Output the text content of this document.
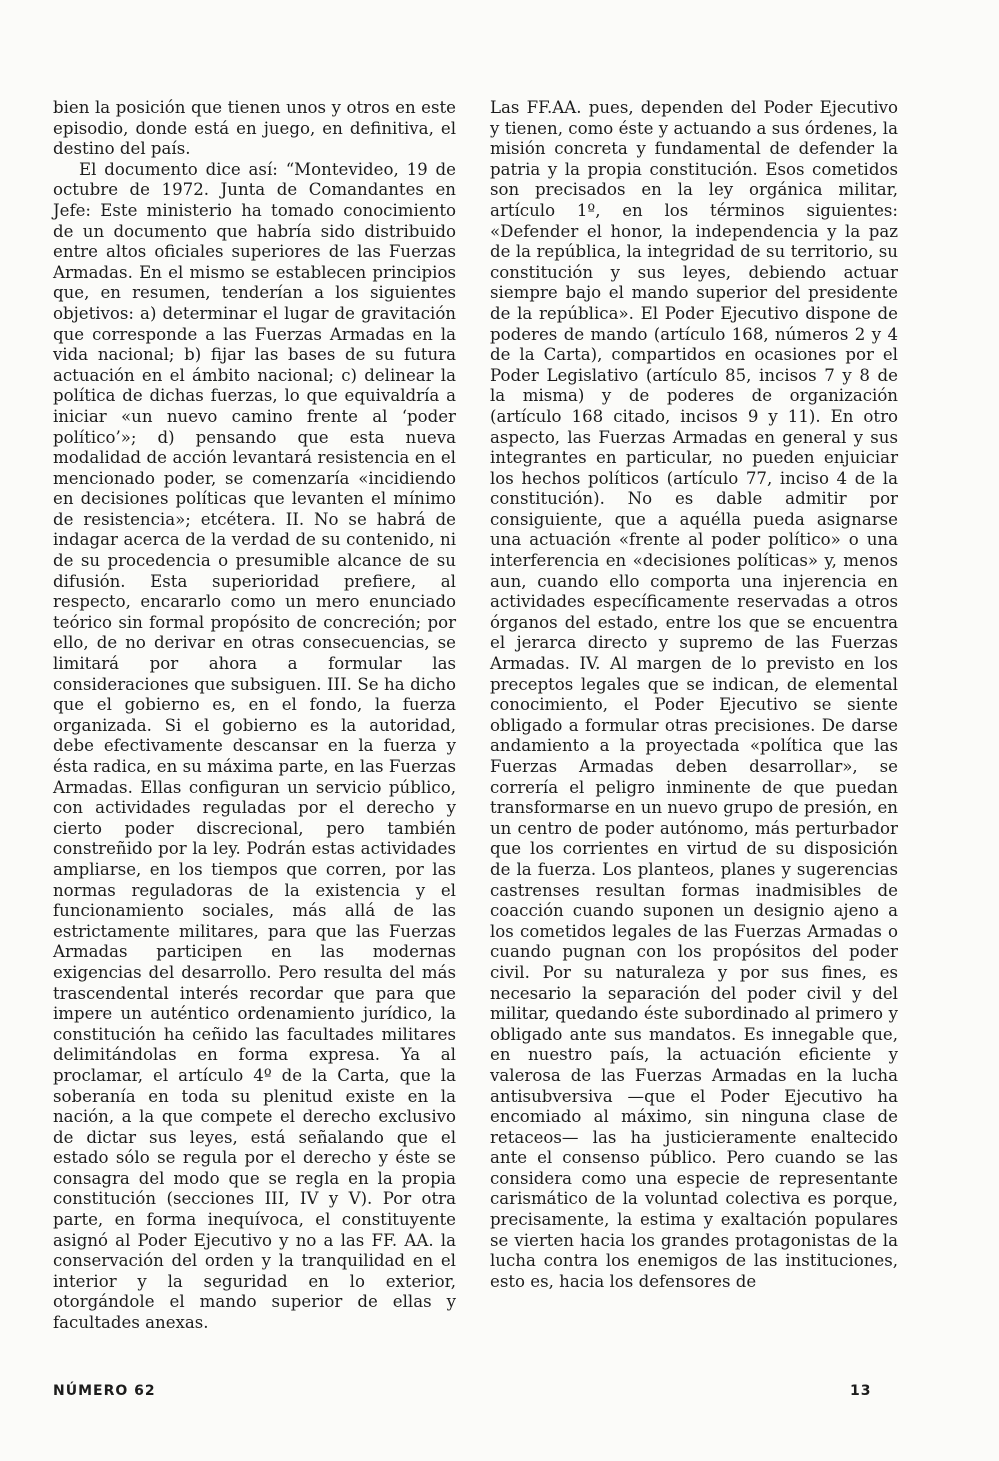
bien la posición que tienen unos y otros en este episodio, donde está en juego, en definitiva, el destino del país.

El documento dice así: “Montevideo, 19 de octubre de 1972. Junta de Comandantes en Jefe: Este ministerio ha tomado conocimiento de un documento que habría sido distribuido entre altos oficiales superiores de las Fuerzas Armadas. En el mismo se establecen principios que, en resumen, tenderían a los siguientes objetivos: a) determinar el lugar de gravitación que corresponde a las Fuerzas Armadas en la vida nacional; b) fijar las bases de su futura actuación en el ámbito nacional; c) delinear la política de dichas fuerzas, lo que equivaldría a iniciar «un nuevo camino frente al ‘poder político’»; d) pensando que esta nueva modalidad de acción levantará resistencia en el mencionado poder, se comenzaría «incidiendo en decisiones políticas que levanten el mínimo de resistencia»; etcétera. II. No se habrá de indagar acerca de la verdad de su contenido, ni de su procedencia o presumible alcance de su difusión. Esta superioridad prefiere, al respecto, encararlo como un mero enunciado teórico sin formal propósito de concreción; por ello, de no derivar en otras consecuencias, se limitará por ahora a formular las consideraciones que subsiguen. III. Se ha dicho que el gobierno es, en el fondo, la fuerza organizada. Si el gobierno es la autoridad, debe efectivamente descansar en la fuerza y ésta radica, en su máxima parte, en las Fuerzas Armadas. Ellas configuran un servicio público, con actividades reguladas por el derecho y cierto poder discrecional, pero también constreñido por la ley. Podrán estas actividades ampliarse, en los tiempos que corren, por las normas reguladoras de la existencia y el funcionamiento sociales, más allá de las estrictamente militares, para que las Fuerzas Armadas participen en las modernas exigencias del desarrollo. Pero resulta del más trascendental interés recordar que para que impere un auténtico ordenamiento jurídico, la constitución ha ceñido las facultades militares delimitándolas en forma expresa. Ya al proclamar, el artículo 4º de la Carta, que la soberanía en toda su plenitud existe en la nación, a la que compete el derecho exclusivo de dictar sus leyes, está señalando que el estado sólo se regula por el derecho y éste se consagra del modo que se regla en la propia constitución (secciones III, IV y V). Por otra parte, en forma inequívoca, el constituyente asignó al Poder Ejecutivo y no a las FF. AA. la conservación del orden y la tranquilidad en el interior y la seguridad en lo exterior, otorgándole el mando superior de ellas y facultades anexas.

Las FF.AA. pues, dependen del Poder Ejecutivo y tienen, como éste y actuando a sus órdenes, la misión concreta y fundamental de defender la patria y la propia constitución. Esos cometidos son precisados en la ley orgánica militar, artículo 1º, en los términos siguientes: «Defender el honor, la independencia y la paz de la república, la integridad de su territorio, su constitución y sus leyes, debiendo actuar siempre bajo el mando superior del presidente de la república». El Poder Ejecutivo dispone de poderes de mando (artículo 168, números 2 y 4 de la Carta), compartidos en ocasiones por el Poder Legislativo (artículo 85, incisos 7 y 8 de la misma) y de poderes de organización (artículo 168 citado, incisos 9 y 11). En otro aspecto, las Fuerzas Armadas en general y sus integrantes en particular, no pueden enjuiciar los hechos políticos (artículo 77, inciso 4 de la constitución). No es dable admitir por consiguiente, que a aquélla pueda asignarse una actuación «frente al poder político» o una interferencia en «decisiones políticas» y, menos aun, cuando ello comporta una injerencia en actividades específicamente reservadas a otros órganos del estado, entre los que se encuentra el jerarca directo y supremo de las Fuerzas Armadas. IV. Al margen de lo previsto en los preceptos legales que se indican, de elemental conocimiento, el Poder Ejecutivo se siente obligado a formular otras precisiones. De darse andamiento a la proyectada «política que las Fuerzas Armadas deben desarrollar», se correría el peligro inminente de que puedan transformarse en un nuevo grupo de presión, en un centro de poder autónomo, más perturbador que los corrientes en virtud de su disposición de la fuerza. Los planteos, planes y sugerencias castrenses resultan formas inadmisibles de coacción cuando suponen un designio ajeno a los cometidos legales de las Fuerzas Armadas o cuando pugnan con los propósitos del poder civil. Por su naturaleza y por sus fines, es necesario la separación del poder civil y del militar, quedando éste subordinado al primero y obligado ante sus mandatos. Es innegable que, en nuestro país, la actuación eficiente y valerosa de las Fuerzas Armadas en la lucha antisubversiva —que el Poder Ejecutivo ha encomiado al máximo, sin ninguna clase de retaceos— las ha justicieramente enaltecido ante el consenso público. Pero cuando se las considera como una especie de representante carismático de la voluntad colectiva es porque, precisamente, la estima y exaltación populares se vierten hacia los grandes protagonistas de la lucha contra los enemigos de las instituciones, esto es, hacia los defensores de

NÚMERO 62	13
